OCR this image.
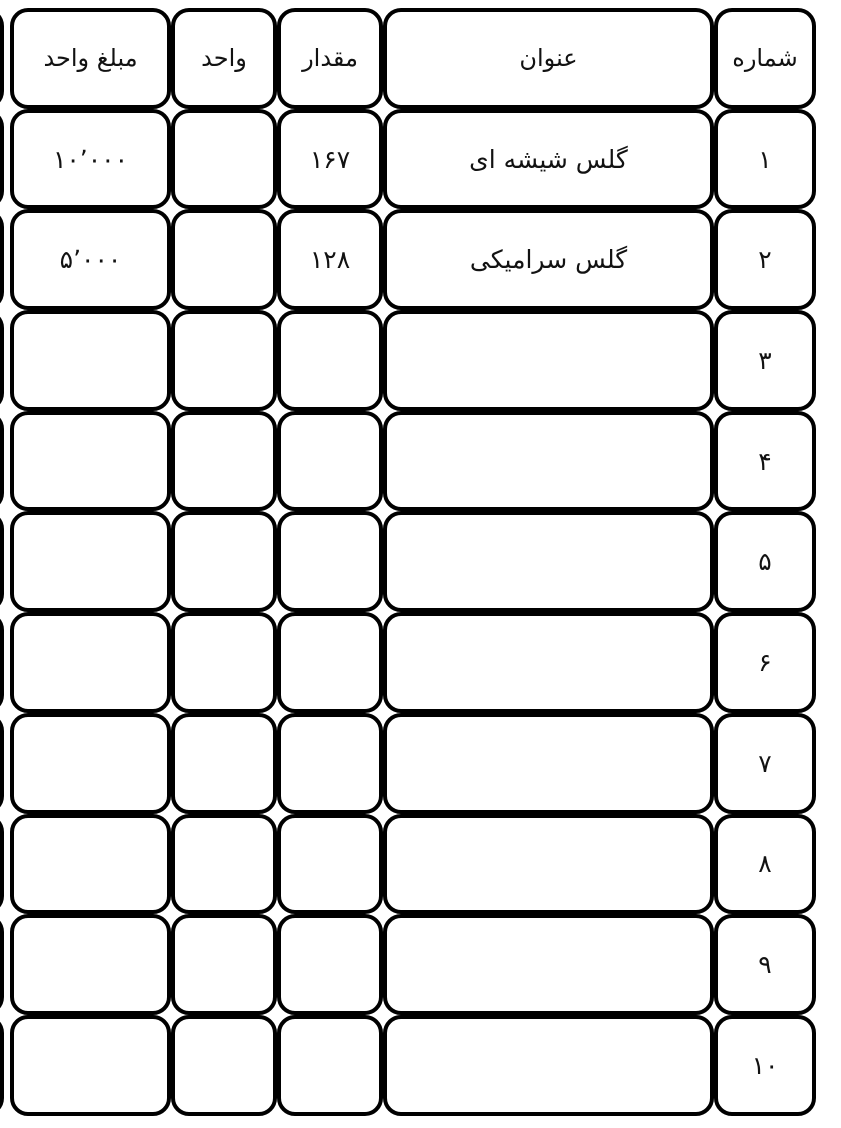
شماره
عنوان
مقدار
واحد
مبلغ واحد
۱
گلس شیشه ای
۱۶۷
۱۰٬۰۰۰
۲
گلس سرامیکی
۱۲۸
۵٬۰۰۰
۳
۴
۵
۶
۷
۸
۹
۱۰
